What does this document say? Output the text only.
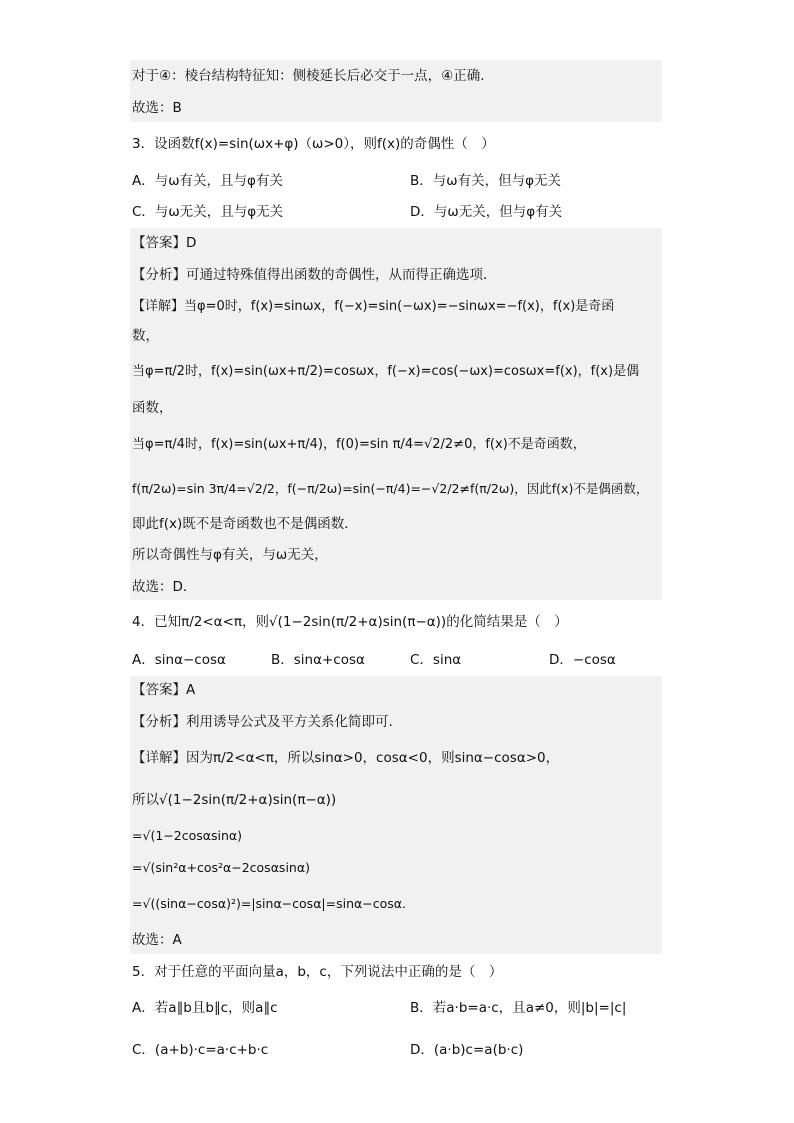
对于④：棱台结构特征知：侧棱延长后必交于一点，④正确.
故选：B
3．设函数f(x)=sin(ωx+φ)（ω>0），则f(x)的奇偶性（　）
A．与ω有关，且与φ有关	B．与ω有关，但与φ无关
C．与ω无关，且与φ无关	D．与ω无关，但与φ有关
【答案】D
【分析】可通过特殊值得出函数的奇偶性，从而得正确选项．
【详解】当φ=0时，f(x)=sinωx，f(−x)=sin(−ωx)=−sinωx=−f(x)，f(x)是奇函
数，
当φ=π/2时，f(x)=sin(ωx+π/2)=cosωx，f(−x)=cos(−ωx)=cosωx=f(x)，f(x)是偶
函数，
当φ=π/4时，f(x)=sin(ωx+π/4)，f(0)=sin π/4=√2/2≠0，f(x)不是奇函数，
f(π/2ω)=sin 3π/4=√2/2，f(−π/2ω)=sin(−π/4)=−√2/2≠f(π/2ω)，因此f(x)不是偶函数，
即此f(x)既不是奇函数也不是偶函数．
所以奇偶性与φ有关，与ω无关，
故选：D．
4．已知π/2<α<π，则√(1−2sin(π/2+α)sin(π−α))的化简结果是（　）
A．sinα−cosα	B．sinα+cosα	C．sinα	D．−cosα
【答案】A
【分析】利用诱导公式及平方关系化简即可.
【详解】因为π/2<α<π，所以sinα>0，cosα<0，则sinα−cosα>0，
所以√(1−2sin(π/2+α)sin(π−α))
=√(1−2cosαsinα)
=√(sin²α+cos²α−2cosαsinα)
=√((sinα−cosα)²)=|sinα−cosα|=sinα−cosα.
故选：A
5．对于任意的平面向量a，b，c，下列说法中正确的是（　）
A．若a∥b且b∥c，则a∥c	B．若a·b=a·c，且a≠0，则|b|=|c|
C．(a+b)·c=a·c+b·c	D．(a·b)c=a(b·c)
